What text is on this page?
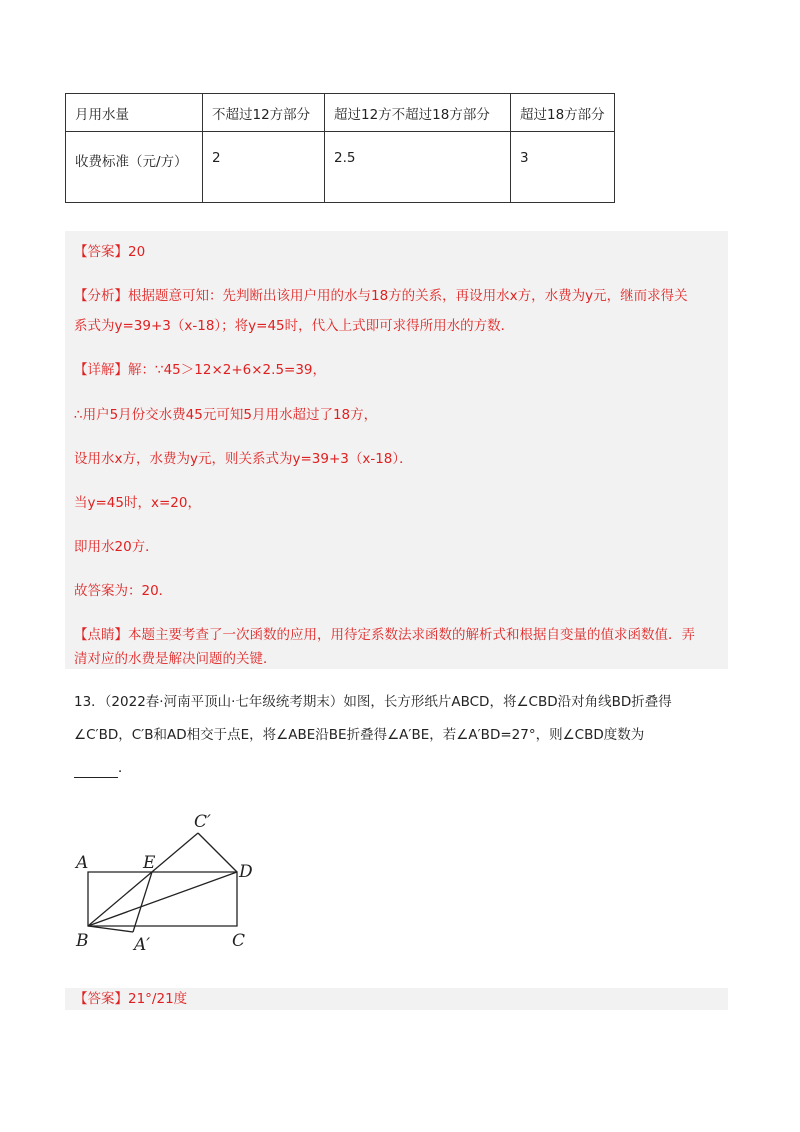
月用水量	不超过12方部分	超过12方不超过18方部分	超过18方部分
收费标准（元/方）	2	2.5	3
【答案】20
【分析】根据题意可知：先判断出该用户用的水与18方的关系，再设用水x方，水费为y元，继而求得关
系式为y=39+3（x-18）；将y=45时，代入上式即可求得所用水的方数．
【详解】解：∵45＞12×2+6×2.5=39，
∴用户5月份交水费45元可知5月用水超过了18方，
设用水x方，水费为y元，则关系式为y=39+3（x-18）．
当y=45时，x=20，
即用水20方．
故答案为：20．
【点睛】本题主要考查了一次函数的应用，用待定系数法求函数的解析式和根据自变量的值求函数值．弄
清对应的水费是解决问题的关键．
13．（2022春·河南平顶山·七年级统考期末）如图，长方形纸片ABCD，将∠CBD沿对角线BD折叠得
∠C′BD，C′B和AD相交于点E，将∠ABE沿BE折叠得∠A′BE，若∠A′BD=27°，则∠CBD度数为
．
A
B	C
D
E
C′
A′
【答案】21°/21度
